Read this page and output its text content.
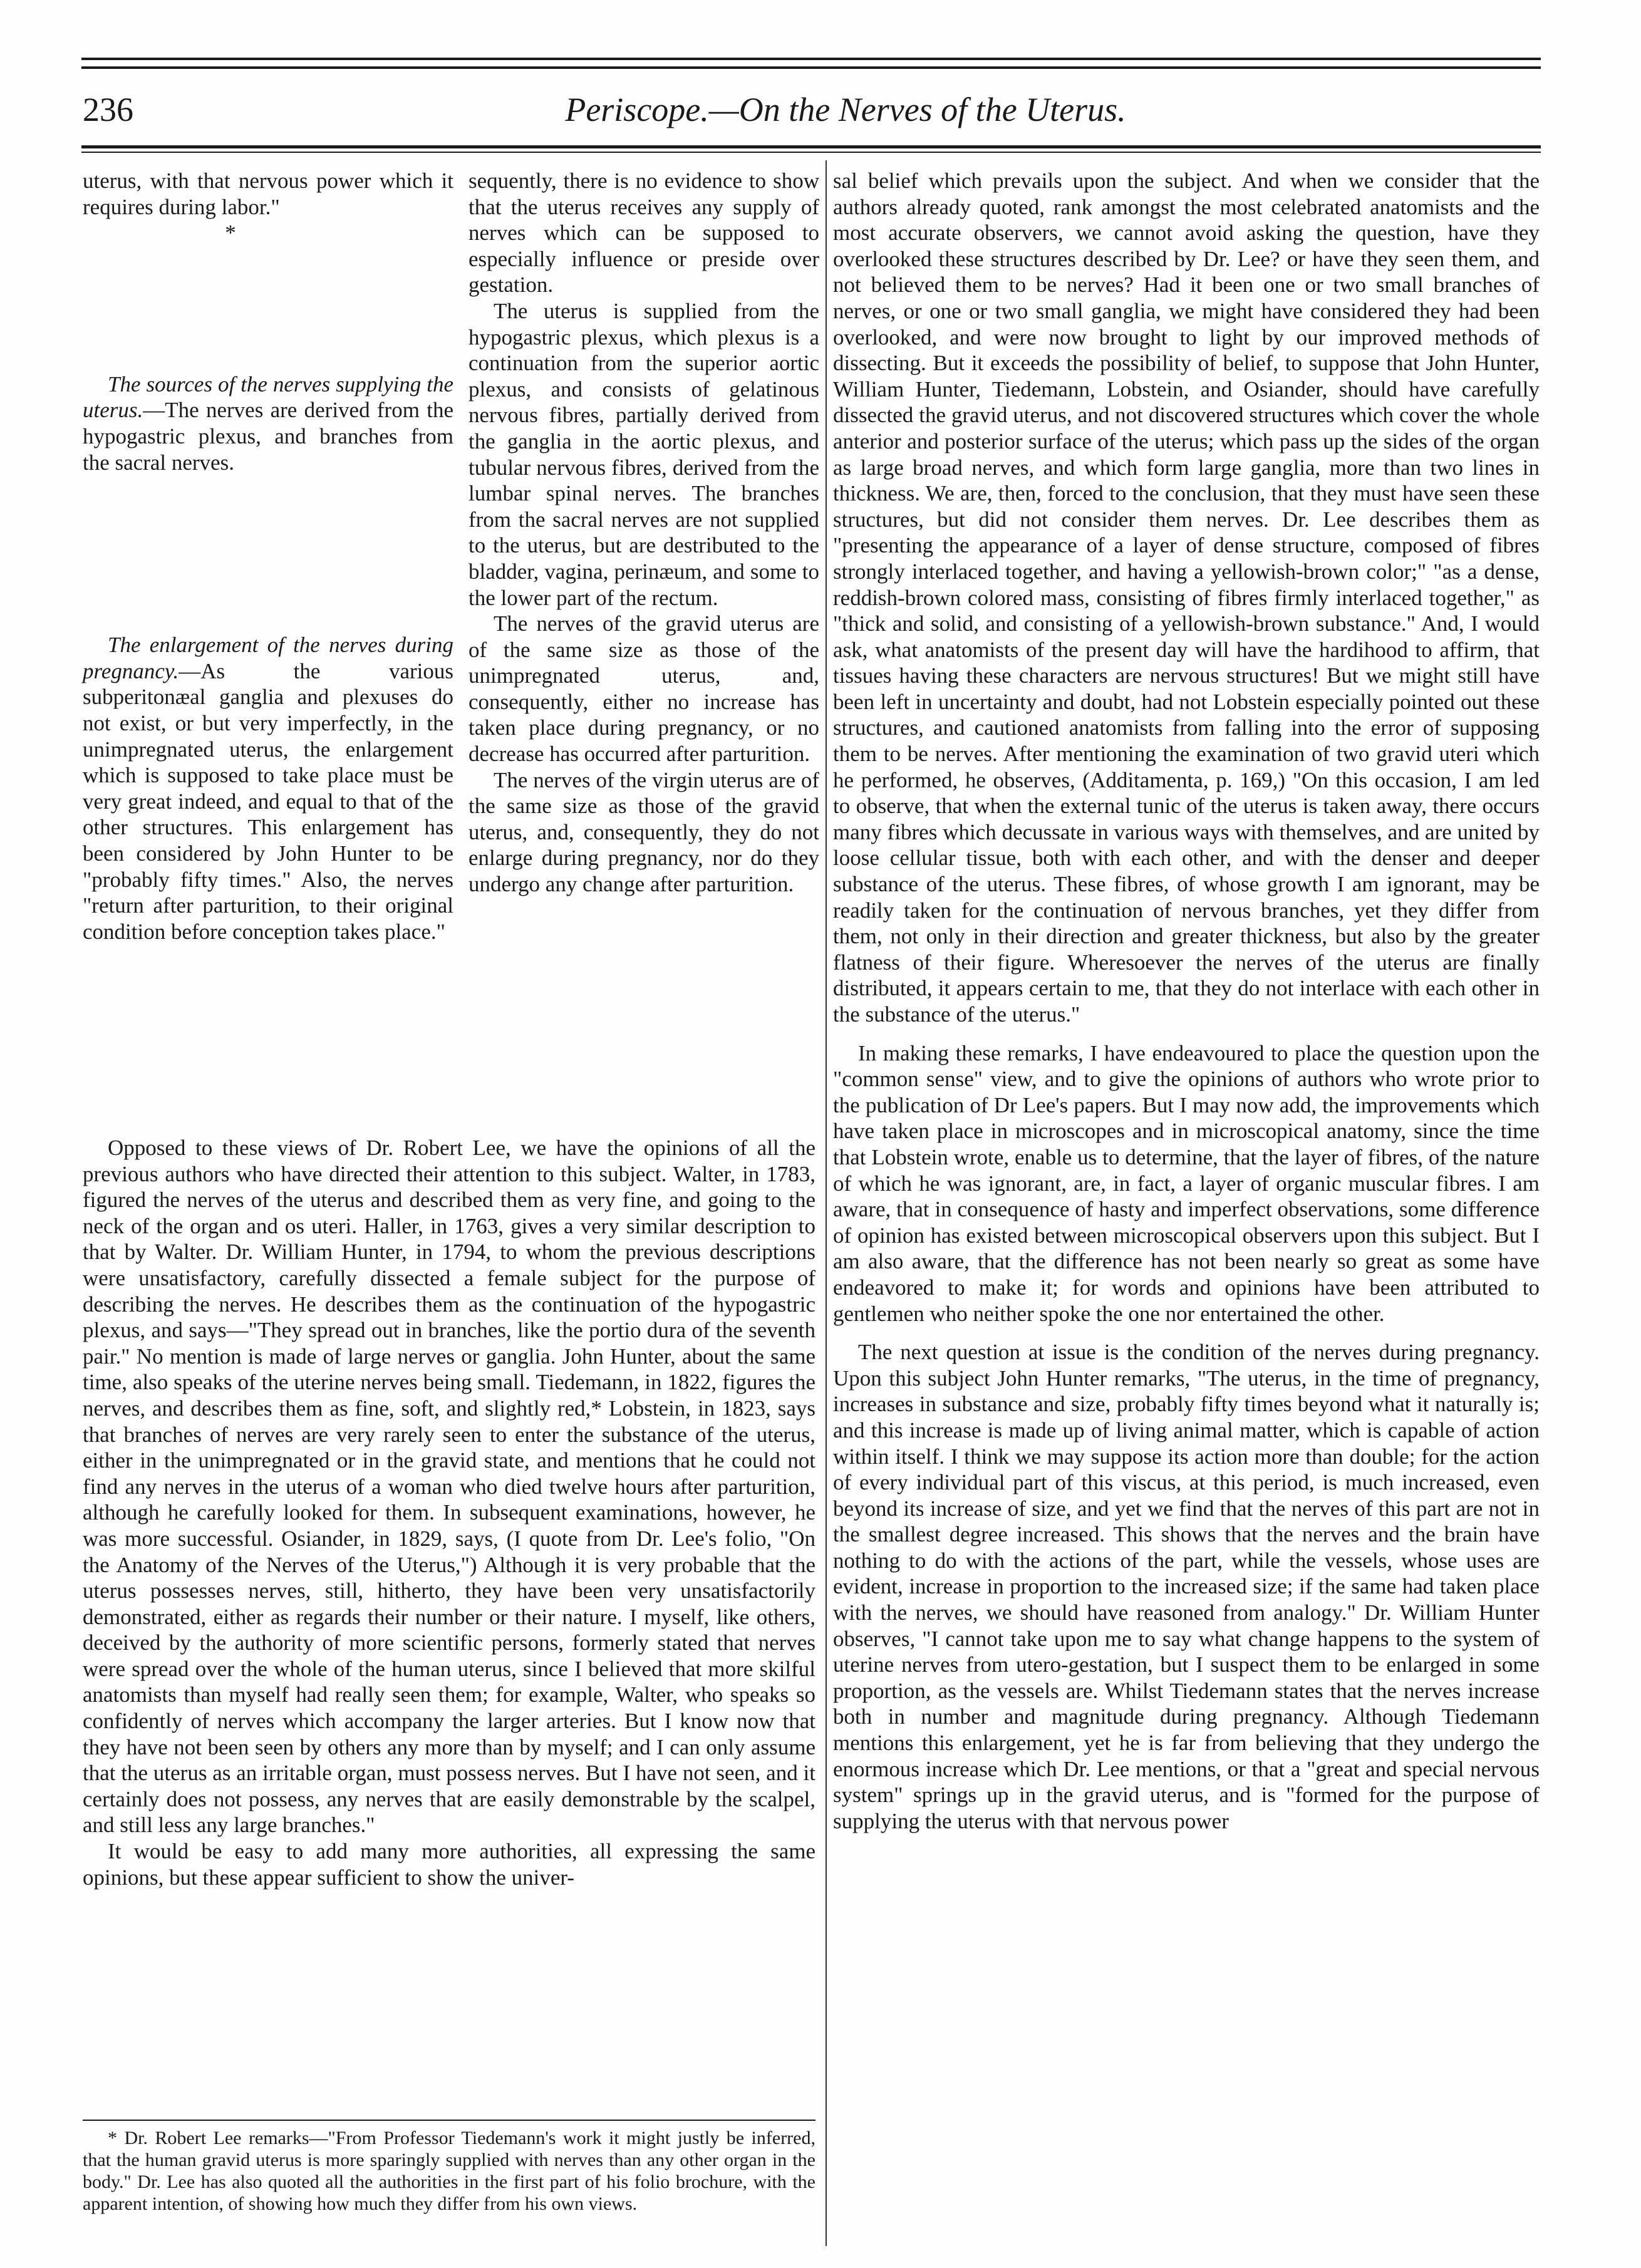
236	Periscope.—On the Nerves of the Uterus.

uterus, with that nervous power which it requires during labor."

*

The sources of the nerves supplying the uterus.—The nerves are derived from the hypogastric plexus, and branches from the sacral nerves.

The enlargement of the nerves during pregnancy.—As the various subperitonæal ganglia and plexuses do not exist, or but very imperfectly, in the unimpregnated uterus, the enlargement which is supposed to take place must be very great indeed, and equal to that of the other structures. This enlargement has been considered by John Hunter to be "probably fifty times." Also, the nerves "return after parturition, to their original condition before conception takes place."

sequently, there is no evidence to show that the uterus receives any supply of nerves which can be supposed to especially influence or preside over gestation.

The uterus is supplied from the hypogastric plexus, which plexus is a continuation from the superior aortic plexus, and consists of gelatinous nervous fibres, partially derived from the ganglia in the aortic plexus, and tubular nervous fibres, derived from the lumbar spinal nerves. The branches from the sacral nerves are not supplied to the uterus, but are destributed to the bladder, vagina, perinæum, and some to the lower part of the rectum.

The nerves of the gravid uterus are of the same size as those of the unimpregnated uterus, and, consequently, either no increase has taken place during pregnancy, or no decrease has occurred after parturition.

The nerves of the virgin uterus are of the same size as those of the gravid uterus, and, consequently, they do not enlarge during pregnancy, nor do they undergo any change after parturition.

Opposed to these views of Dr. Robert Lee, we have the opinions of all the previous authors who have directed their attention to this subject. Walter, in 1783, figured the nerves of the uterus and described them as very fine, and going to the neck of the organ and os uteri. Haller, in 1763, gives a very similar description to that by Walter. Dr. William Hunter, in 1794, to whom the previous descriptions were unsatisfactory, carefully dissected a female subject for the purpose of describing the nerves. He describes them as the continuation of the hypogastric plexus, and says—"They spread out in branches, like the portio dura of the seventh pair." No mention is made of large nerves or ganglia. John Hunter, about the same time, also speaks of the uterine nerves being small. Tiedemann, in 1822, figures the nerves, and describes them as fine, soft, and slightly red,* Lobstein, in 1823, says that branches of nerves are very rarely seen to enter the substance of the uterus, either in the unimpregnated or in the gravid state, and mentions that he could not find any nerves in the uterus of a woman who died twelve hours after parturition, although he carefully looked for them. In subsequent examinations, however, he was more successful. Osiander, in 1829, says, (I quote from Dr. Lee's folio, "On the Anatomy of the Nerves of the Uterus,") Although it is very probable that the uterus possesses nerves, still, hitherto, they have been very unsatisfactorily demonstrated, either as regards their number or their nature. I myself, like others, deceived by the authority of more scientific persons, formerly stated that nerves were spread over the whole of the human uterus, since I believed that more skilful anatomists than myself had really seen them; for example, Walter, who speaks so confidently of nerves which accompany the larger arteries. But I know now that they have not been seen by others any more than by myself; and I can only assume that the uterus as an irritable organ, must possess nerves. But I have not seen, and it certainly does not possess, any nerves that are easily demonstrable by the scalpel, and still less any large branches."

It would be easy to add many more authorities, all expressing the same opinions, but these appear sufficient to show the univer-

* Dr. Robert Lee remarks—"From Professor Tiedemann's work it might justly be inferred, that the human gravid uterus is more sparingly supplied with nerves than any other organ in the body." Dr. Lee has also quoted all the authorities in the first part of his folio brochure, with the apparent intention, of showing how much they differ from his own views.

sal belief which prevails upon the subject. And when we consider that the authors already quoted, rank amongst the most celebrated anatomists and the most accurate observers, we cannot avoid asking the question, have they overlooked these structures described by Dr. Lee? or have they seen them, and not believed them to be nerves? Had it been one or two small branches of nerves, or one or two small ganglia, we might have considered they had been overlooked, and were now brought to light by our improved methods of dissecting. But it exceeds the possibility of belief, to suppose that John Hunter, William Hunter, Tiedemann, Lobstein, and Osiander, should have carefully dissected the gravid uterus, and not discovered structures which cover the whole anterior and posterior surface of the uterus; which pass up the sides of the organ as large broad nerves, and which form large ganglia, more than two lines in thickness. We are, then, forced to the conclusion, that they must have seen these structures, but did not consider them nerves. Dr. Lee describes them as "presenting the appearance of a layer of dense structure, composed of fibres strongly interlaced together, and having a yellowish-brown color;" "as a dense, reddish-brown colored mass, consisting of fibres firmly interlaced together," as "thick and solid, and consisting of a yellowish-brown substance." And, I would ask, what anatomists of the present day will have the hardihood to affirm, that tissues having these characters are nervous structures! But we might still have been left in uncertainty and doubt, had not Lobstein especially pointed out these structures, and cautioned anatomists from falling into the error of supposing them to be nerves. After mentioning the examination of two gravid uteri which he performed, he observes, (Additamenta, p. 169,) "On this occasion, I am led to observe, that when the external tunic of the uterus is taken away, there occurs many fibres which decussate in various ways with themselves, and are united by loose cellular tissue, both with each other, and with the denser and deeper substance of the uterus. These fibres, of whose growth I am ignorant, may be readily taken for the continuation of nervous branches, yet they differ from them, not only in their direction and greater thickness, but also by the greater flatness of their figure. Wheresoever the nerves of the uterus are finally distributed, it appears certain to me, that they do not interlace with each other in the substance of the uterus."

In making these remarks, I have endeavoured to place the question upon the "common sense" view, and to give the opinions of authors who wrote prior to the publication of Dr Lee's papers. But I may now add, the improvements which have taken place in microscopes and in microscopical anatomy, since the time that Lobstein wrote, enable us to determine, that the layer of fibres, of the nature of which he was ignorant, are, in fact, a layer of organic muscular fibres. I am aware, that in consequence of hasty and imperfect observations, some difference of opinion has existed between microscopical observers upon this subject. But I am also aware, that the difference has not been nearly so great as some have endeavored to make it; for words and opinions have been attributed to gentlemen who neither spoke the one nor entertained the other.

The next question at issue is the condition of the nerves during pregnancy. Upon this subject John Hunter remarks, "The uterus, in the time of pregnancy, increases in substance and size, probably fifty times beyond what it naturally is; and this increase is made up of living animal matter, which is capable of action within itself. I think we may suppose its action more than double; for the action of every individual part of this viscus, at this period, is much increased, even beyond its increase of size, and yet we find that the nerves of this part are not in the smallest degree increased. This shows that the nerves and the brain have nothing to do with the actions of the part, while the vessels, whose uses are evident, increase in proportion to the increased size; if the same had taken place with the nerves, we should have reasoned from analogy." Dr. William Hunter observes, "I cannot take upon me to say what change happens to the system of uterine nerves from utero-gestation, but I suspect them to be enlarged in some proportion, as the vessels are. Whilst Tiedemann states that the nerves increase both in number and magnitude during pregnancy. Although Tiedemann mentions this enlargement, yet he is far from believing that they undergo the enormous increase which Dr. Lee mentions, or that a "great and special nervous system" springs up in the gravid uterus, and is "formed for the purpose of supplying the uterus with that nervous power
